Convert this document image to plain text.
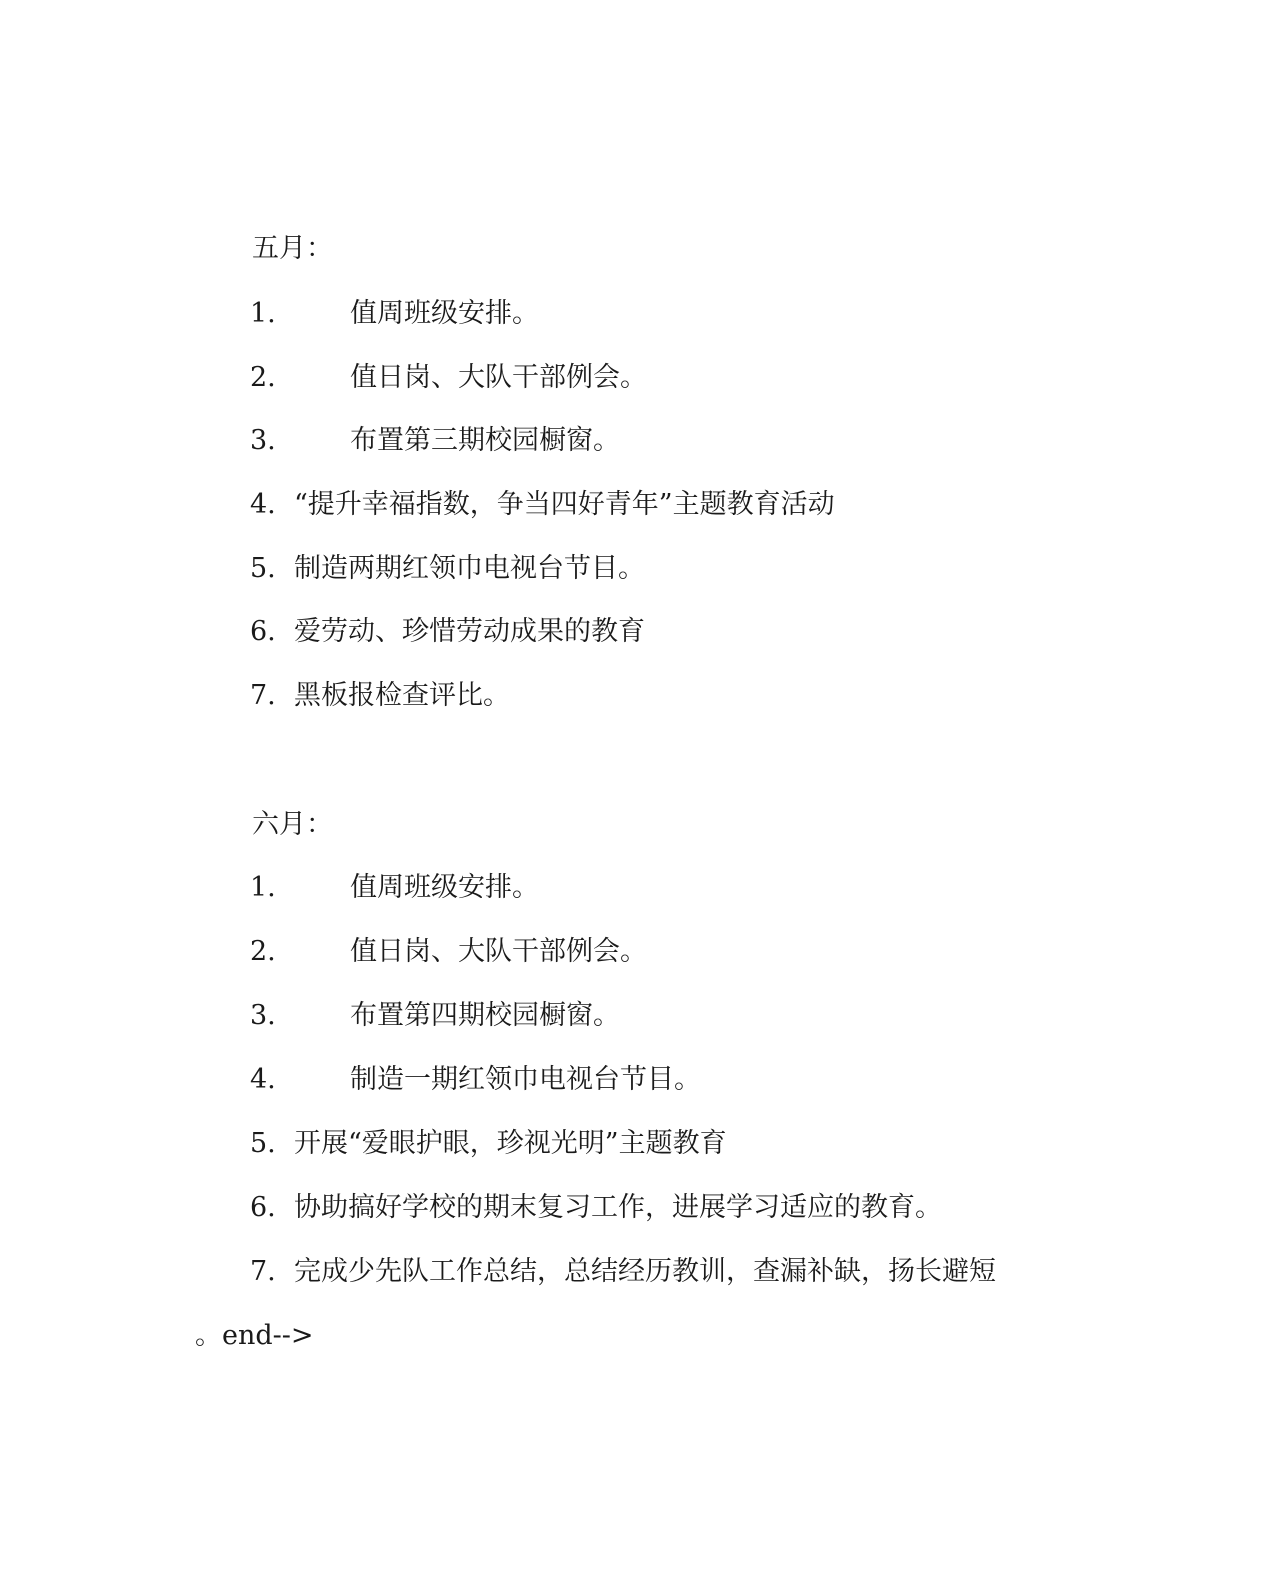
五月：
1.	值周班级安排。
2.	值日岗、大队干部例会。
3.	布置第三期校园橱窗。
4. “提升幸福指数，争当四好青年”主题教育活动
5. 制造两期红领巾电视台节目。
6. 爱劳动、珍惜劳动成果的教育
7. 黑板报检查评比。
六月：
1.	值周班级安排。
2.	值日岗、大队干部例会。
3.	布置第四期校园橱窗。
4.	制造一期红领巾电视台节目。
5. 开展“爱眼护眼，珍视光明”主题教育
6. 协助搞好学校的期末复习工作，进展学习适应的教育。
7. 完成少先队工作总结，总结经历教训，查漏补缺，扬长避短
。end-->
